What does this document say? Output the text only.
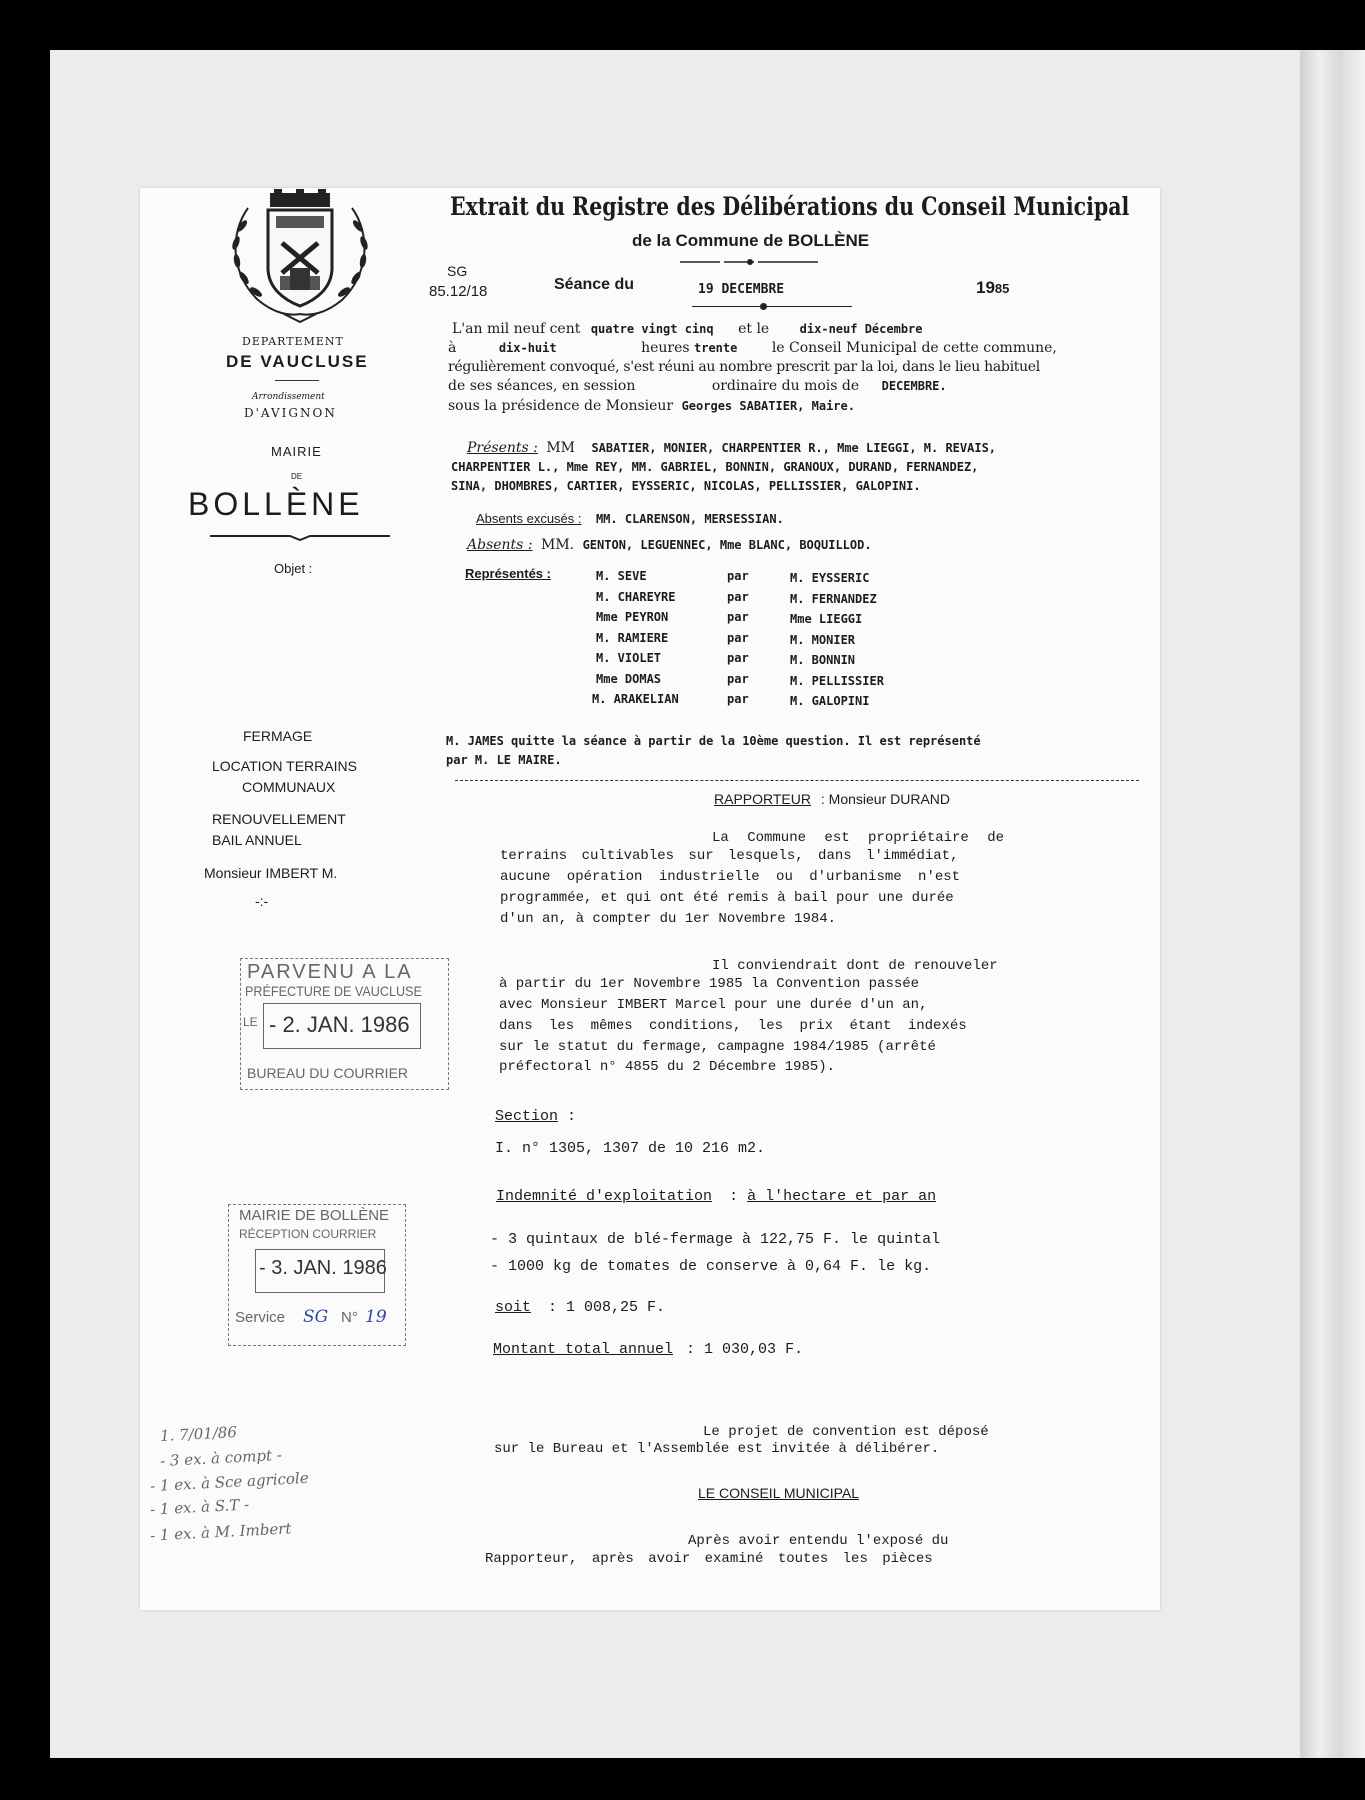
DEPARTEMENT
DE VAUCLUSE
Arrondissement
D'AVIGNON
MAIRIE
DE
BOLLÈNE
Objet :
FERMAGE
LOCATION TERRAINS
COMMUNAUX
RENOUVELLEMENT
BAIL ANNUEL
Monsieur IMBERT M.
-:-
Extrait du Registre des Délibérations du Conseil Municipal
de la Commune de BOLLÈNE
SG
85.12/18	Séance du	19 DECEMBRE	1985
L'an mil neuf cent quatre vingt cinq et le	dix-neuf Décembre
à	dix-huit	heures trente le Conseil Municipal de cette commune,
régulièrement convoqué, s'est réuni au nombre prescrit par la loi, dans le lieu habituel
de ses séances, en session	ordinaire du mois de DECEMBRE.
sous la présidence de Monsieur Georges SABATIER, Maire.
Présents : MM SABATIER, MONIER, CHARPENTIER R., Mme LIEGGI, M. REVAIS,
CHARPENTIER L., Mme REY, MM. GABRIEL, BONNIN, GRANOUX, DURAND, FERNANDEZ,
SINA, DHOMBRES, CARTIER, EYSSERIC, NICOLAS, PELLISSIER, GALOPINI.
Absents excusés : MM. CLARENSON, MERSESSIAN.
Absents : MM. GENTON, LEGUENNEC, Mme BLANC, BOQUILLOD.
Représentés :	M. SEVE	par	M. EYSSERIC
M. CHAREYRE	par	M. FERNANDEZ
Mme PEYRON	par	Mme LIEGGI
M. RAMIERE	par	M. MONIER
M. VIOLET	par	M. BONNIN
Mme DOMAS	par	M. PELLISSIER
M. ARAKELIAN	par	M. GALOPINI
M. JAMES quitte la séance à partir de la 10ème question. Il est représenté
par M. LE MAIRE.
RAPPORTEUR : Monsieur DURAND
La Commune est propriétaire de
terrains cultivables sur lesquels, dans l'immédiat,
aucune opération industrielle ou d'urbanisme n'est
programmée, et qui ont été remis à bail pour une durée
d'un an, à compter du 1er Novembre 1984.
Il conviendrait dont de renouveler
à partir du 1er Novembre 1985 la Convention passée
avec Monsieur IMBERT Marcel pour une durée d'un an,
dans les mêmes conditions, les prix étant indexés
sur le statut du fermage, campagne 1984/1985 (arrêté
préfectoral n° 4855 du 2 Décembre 1985).
Section :
I. n° 1305, 1307 de 10 216 m2.
Indemnité d'exploitation : à l'hectare et par an
- 3 quintaux de blé-fermage à 122,75 F. le quintal
- 1000 kg de tomates de conserve à 0,64 F. le kg.
soit : 1 008,25 F.
Montant total annuel : 1 030,03 F.
Le projet de convention est déposé
sur le Bureau et l'Assemblée est invitée à délibérer.
LE CONSEIL MUNICIPAL
Après avoir entendu l'exposé du
Rapporteur, après avoir examiné toutes les pièces
PARVENU A LA
PRÉFECTURE DE VAUCLUSE
LE - 2. JAN. 1986
BUREAU DU COURRIER
MAIRIE DE BOLLÈNE
RÉCEPTION COURRIER
- 3. JAN. 1986
Service SG N° 19
1. 7/01/86
- 3 ex. à compt -
- 1 ex. à Sce agricole
- 1 ex. à S.T -
- 1 ex. à M. Imbert
